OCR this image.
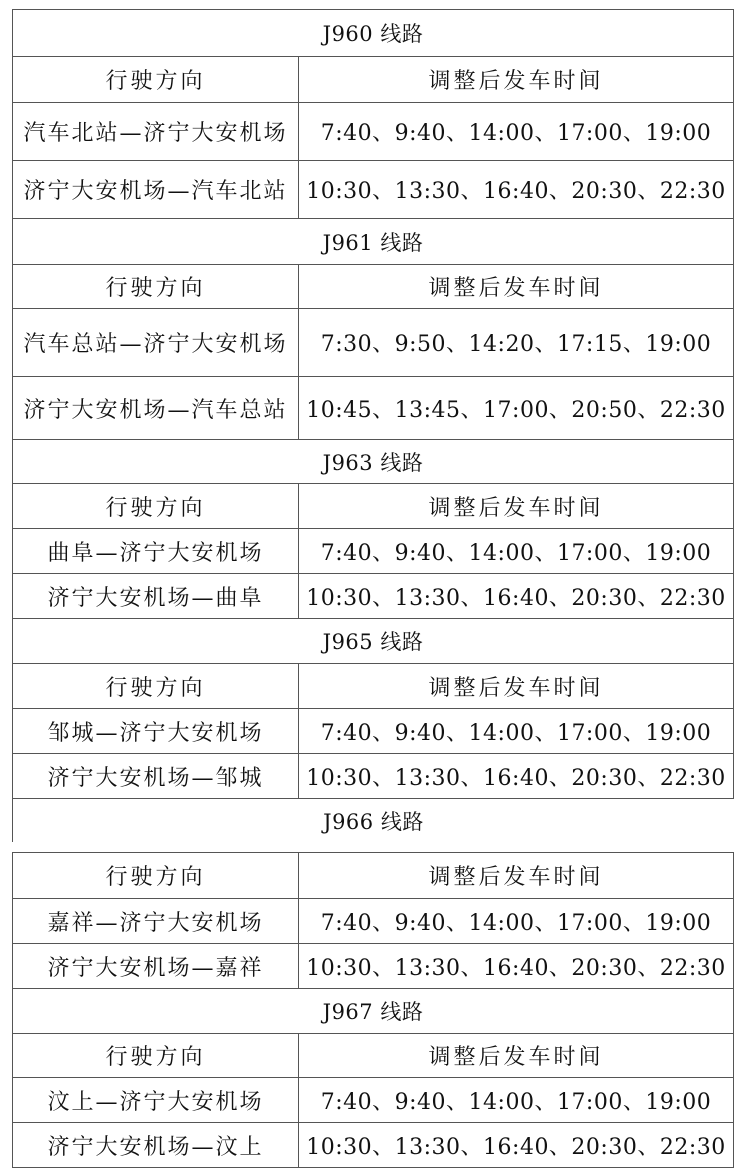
J960 线路
行驶方向	调整后发车时间
汽车北站—济宁大安机场	7:40、9:40、14:00、17:00、19:00
济宁大安机场—汽车北站 10:30、13:30、16:40、20:30、22:30
J961 线路
行驶方向	调整后发车时间
汽车总站—济宁大安机场	7:30、9:50、14:20、17:15、19:00
济宁大安机场—汽车总站 10:45、13:45、17:00、20:50、22:30
J963 线路
行驶方向	调整后发车时间
曲阜—济宁大安机场	7:40、9:40、14:00、17:00、19:00
济宁大安机场—曲阜	10:30、13:30、16:40、20:30、22:30
J965 线路
行驶方向	调整后发车时间
邹城—济宁大安机场	7:40、9:40、14:00、17:00、19:00
济宁大安机场—邹城	10:30、13:30、16:40、20:30、22:30
J966 线路
行驶方向	调整后发车时间
嘉祥—济宁大安机场	7:40、9:40、14:00、17:00、19:00
济宁大安机场—嘉祥	10:30、13:30、16:40、20:30、22:30
J967 线路
行驶方向	调整后发车时间
汶上—济宁大安机场	7:40、9:40、14:00、17:00、19:00
济宁大安机场—汶上	10:30、13:30、16:40、20:30、22:30
